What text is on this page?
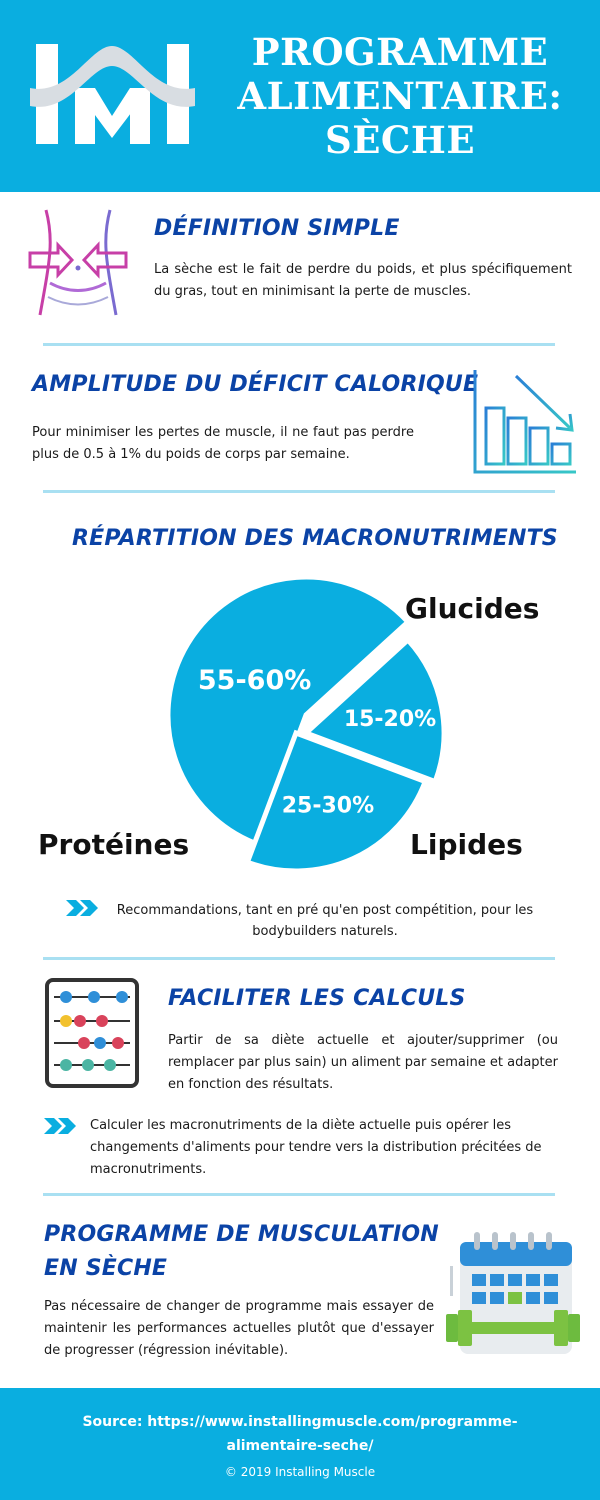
PROGRAMME
ALIMENTAIRE:
SÈCHE
DÉFINITION SIMPLE
La sèche est le fait de perdre du poids, et plus spécifiquement du gras, tout en minimisant la perte de muscles.
AMPLITUDE DU DÉFICIT CALORIQUE
Pour minimiser les pertes de muscle, il ne faut pas perdre plus de 0.5 à 1% du poids de corps par semaine.
RÉPARTITION DES MACRONUTRIMENTS
55-60%
15-20%
25-30%
Glucides
Protéines	Lipides
Recommandations, tant en pré qu'en post compétition, pour les bodybuilders naturels.
FACILITER LES CALCULS
Partir de sa diète actuelle et ajouter/supprimer (ou remplacer par plus sain) un aliment par semaine et adapter en fonction des résultats.
Calculer les macronutriments de la diète actuelle puis opérer les changements d'aliments pour tendre vers la distribution précitées de macronutriments.
PROGRAMME DE MUSCULATION
EN SÈCHE
Pas nécessaire de changer de programme mais essayer de maintenir les performances actuelles plutôt que d'essayer de progresser (régression inévitable).
Source: https://www.installingmuscle.com/programme-
alimentaire-seche/
© 2019 Installing Muscle
